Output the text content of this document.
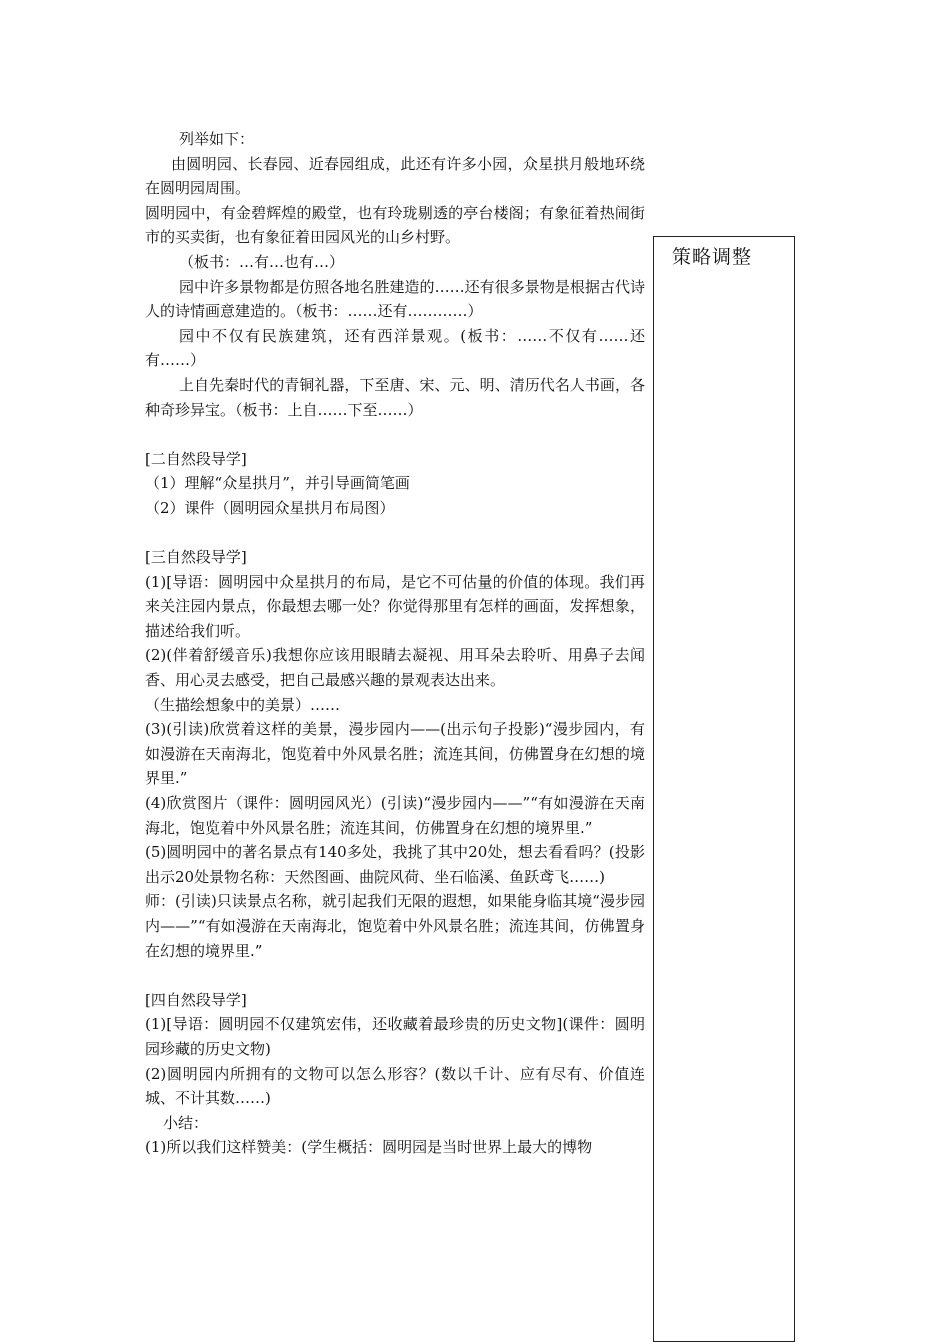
列举如下：

由圆明园、长春园、近春园组成，此还有许多小园，众星拱月般地环绕在圆明园周围。

圆明园中，有金碧辉煌的殿堂，也有玲珑剔透的亭台楼阁；有象征着热闹街市的买卖街，也有象征着田园风光的山乡村野。

（板书：…有…也有…）

园中许多景物都是仿照各地名胜建造的……还有很多景物是根据古代诗人的诗情画意建造的。（板书：……还有…………）

园中不仅有民族建筑，还有西洋景观。(板书：……不仅有……还有……）

上自先秦时代的青铜礼器，下至唐、宋、元、明、清历代名人书画，各种奇珍异宝。（板书：上自……下至……）

[二自然段导学]

（1）理解“众星拱月”，并引导画简笔画

（2）课件（圆明园众星拱月布局图）

[三自然段导学]

(1)[导语：圆明园中众星拱月的布局，是它不可估量的价值的体现。我们再来关注园内景点，你最想去哪一处？你觉得那里有怎样的画面，发挥想象，描述给我们听。

(2)(伴着舒缓音乐)我想你应该用眼睛去凝视、用耳朵去聆听、用鼻子去闻香、用心灵去感受，把自己最感兴趣的景观表达出来。

（生描绘想象中的美景）……

(3)(引读)欣赏着这样的美景，漫步园内——(出示句子投影)“漫步园内，有如漫游在天南海北，饱览着中外风景名胜；流连其间，仿佛置身在幻想的境界里.”

(4)欣赏图片（课件：圆明园风光）(引读)“漫步园内——”“有如漫游在天南海北，饱览着中外风景名胜；流连其间，仿佛置身在幻想的境界里.”

(5)圆明园中的著名景点有140多处，我挑了其中20处，想去看看吗？(投影出示20处景物名称：天然图画、曲院风荷、坐石临溪、鱼跃鸢飞……)

师：(引读)只读景点名称，就引起我们无限的遐想，如果能身临其境“漫步园内——”“有如漫游在天南海北，饱览着中外风景名胜；流连其间，仿佛置身在幻想的境界里.”

[四自然段导学]

(1)[导语：圆明园不仅建筑宏伟，还收藏着最珍贵的历史文物](课件：圆明园珍藏的历史文物)

(2)圆明园内所拥有的文物可以怎么形容？(数以千计、应有尽有、价值连城、不计其数……)

小结：

(1)所以我们这样赞美：(学生概括：圆明园是当时世界上最大的博物

策略调整
